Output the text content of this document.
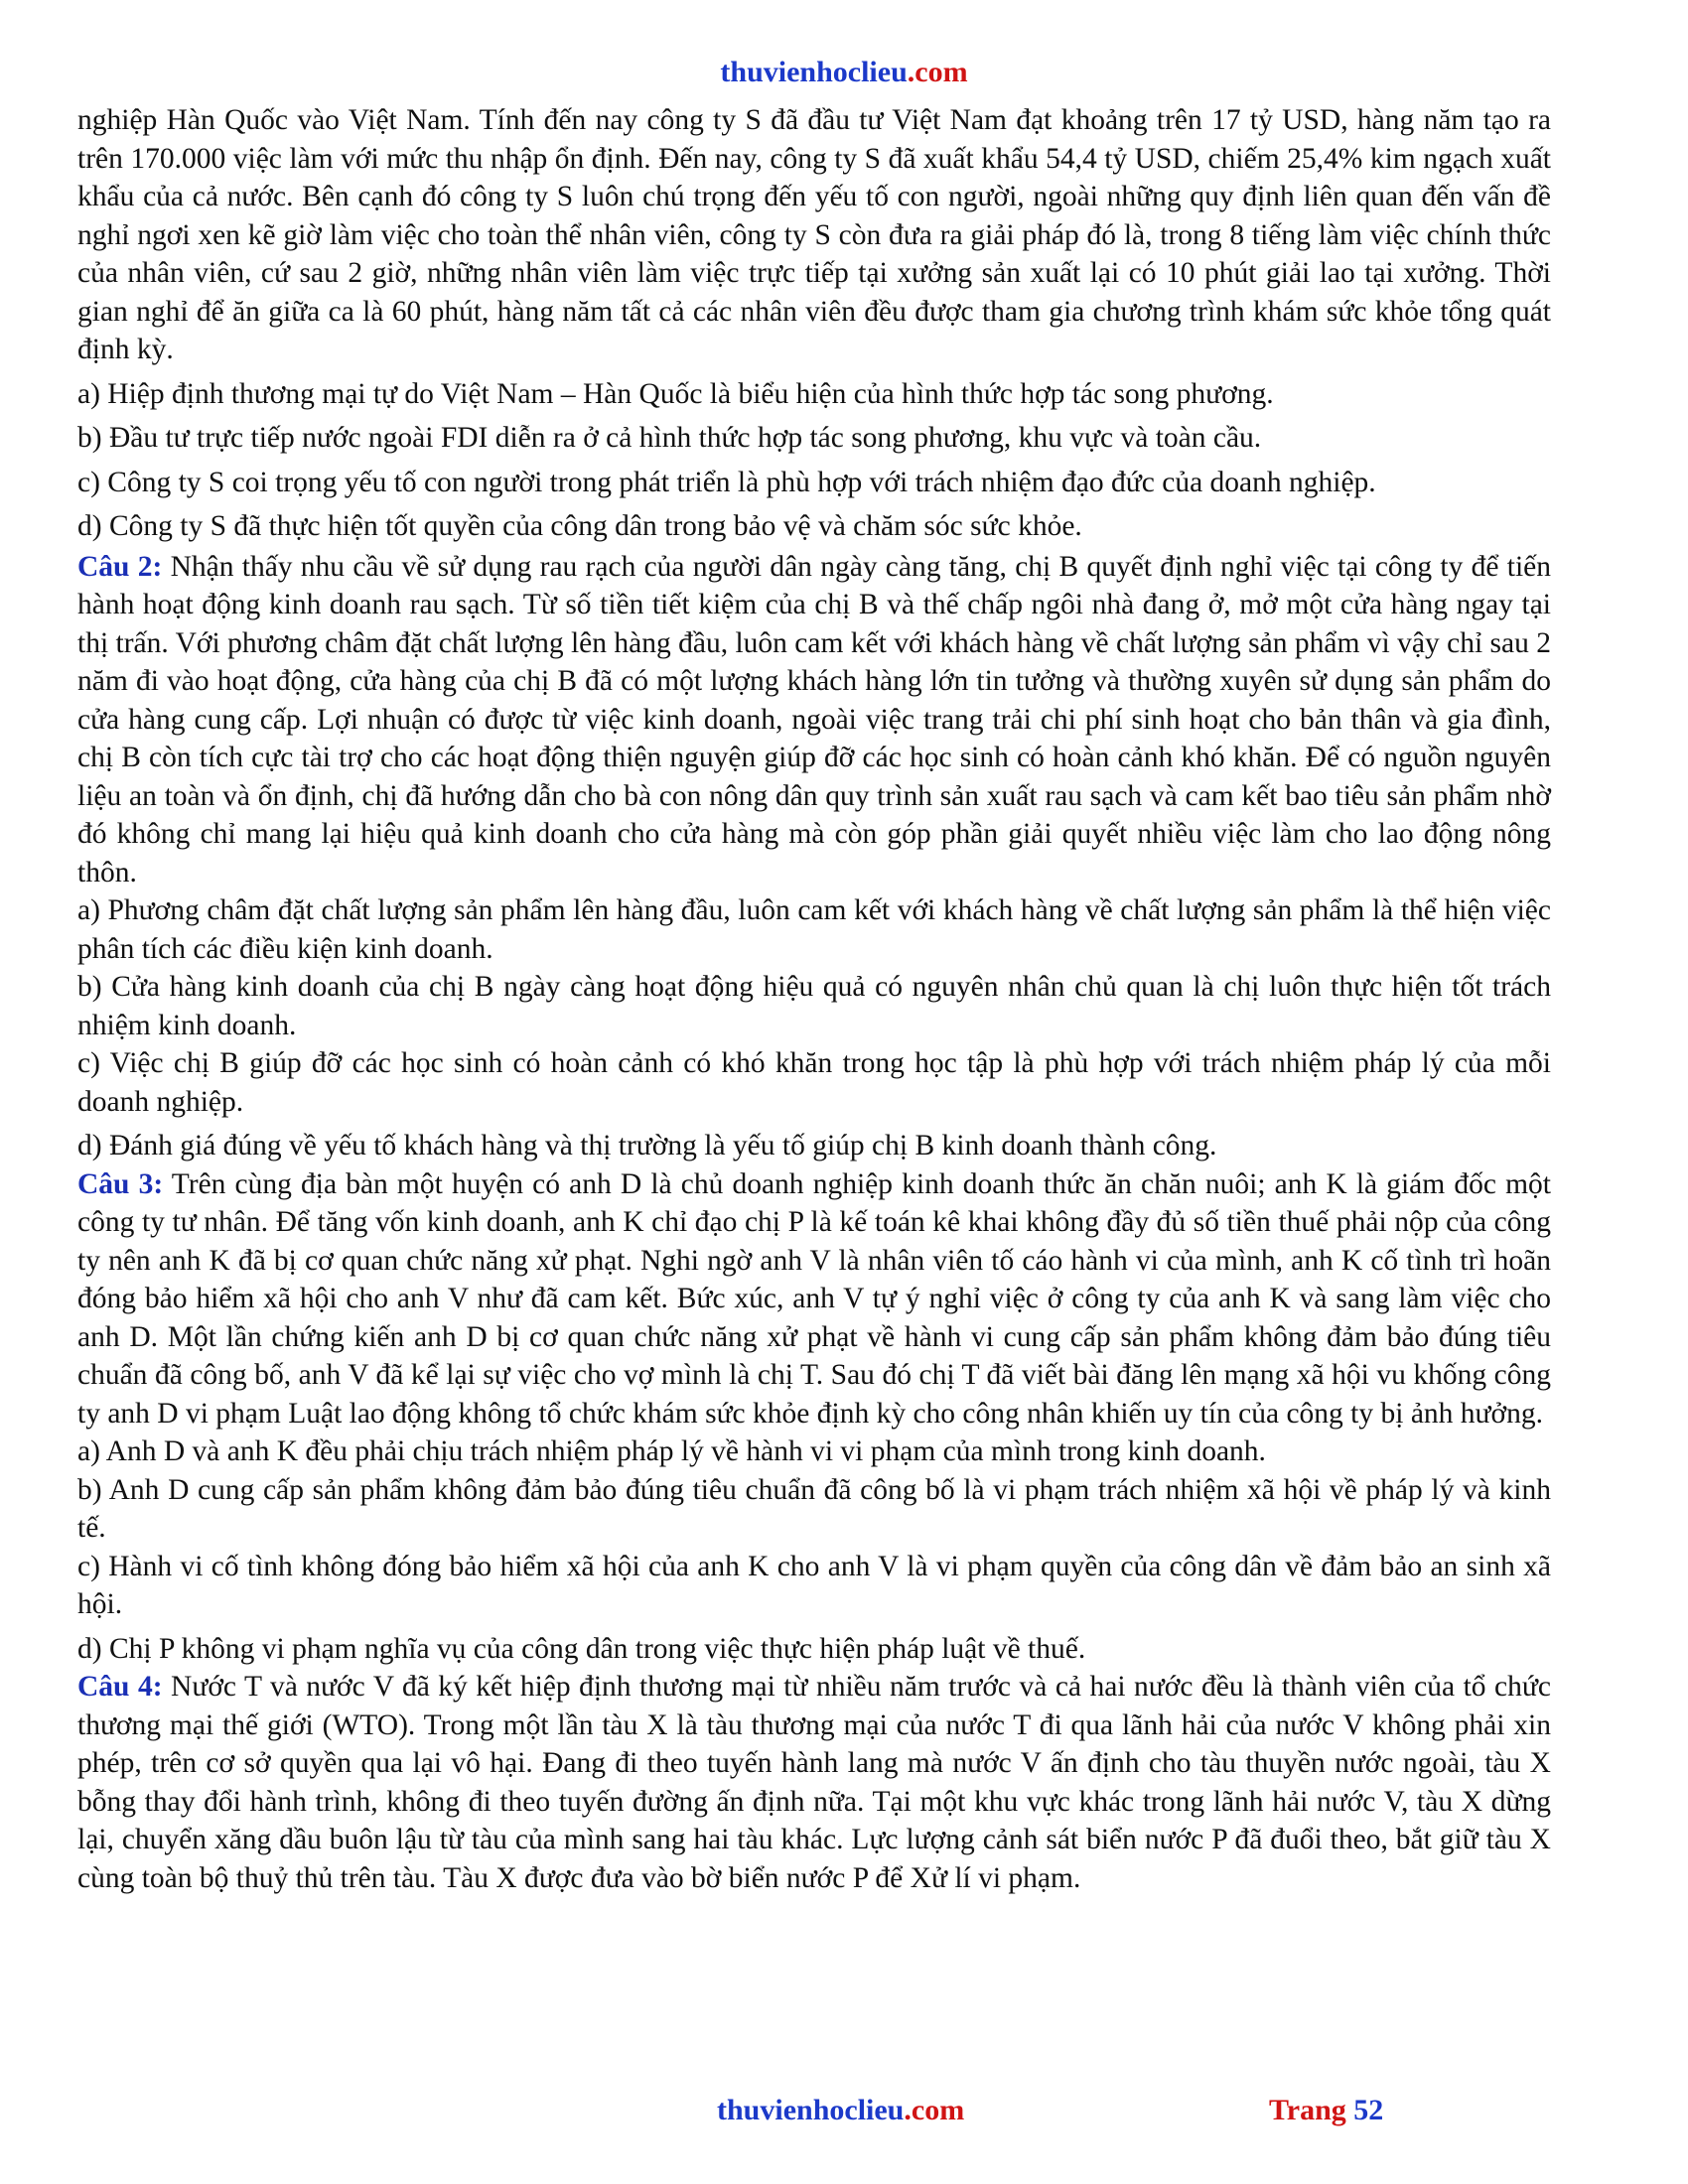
thuvienhoclieu.com

nghiệp Hàn Quốc vào Việt Nam. Tính đến nay công ty S đã đầu tư Việt Nam đạt khoảng trên 17 tỷ USD, hàng năm tạo ra trên 170.000 việc làm với mức thu nhập ổn định. Đến nay, công ty S đã xuất khẩu 54,4 tỷ USD, chiếm 25,4% kim ngạch xuất khẩu của cả nước. Bên cạnh đó công ty S luôn chú trọng đến yếu tố con người, ngoài những quy định liên quan đến vấn đề nghỉ ngơi xen kẽ giờ làm việc cho toàn thể nhân viên, công ty S còn đưa ra giải pháp đó là, trong 8 tiếng làm việc chính thức của nhân viên, cứ sau 2 giờ, những nhân viên làm việc trực tiếp tại xưởng sản xuất lại có 10 phút giải lao tại xưởng. Thời gian nghỉ để ăn giữa ca là 60 phút, hàng năm tất cả các nhân viên đều được tham gia chương trình khám sức khỏe tổng quát định kỳ.

a) Hiệp định thương mại tự do Việt Nam – Hàn Quốc là biểu hiện của hình thức hợp tác song phương.

b) Đầu tư trực tiếp nước ngoài FDI diễn ra ở cả hình thức hợp tác song phương, khu vực và toàn cầu.

c) Công ty S coi trọng yếu tố con người trong phát triển là phù hợp với trách nhiệm đạo đức của doanh nghiệp.

d) Công ty S đã thực hiện tốt quyền của công dân trong bảo vệ và chăm sóc sức khỏe.

Câu 2: Nhận thấy nhu cầu về sử dụng rau rạch của người dân ngày càng tăng, chị B quyết định nghỉ việc tại công ty để tiến hành hoạt động kinh doanh rau sạch. Từ số tiền tiết kiệm của chị B và thế chấp ngôi nhà đang ở, mở một cửa hàng ngay tại thị trấn. Với phương châm đặt chất lượng lên hàng đầu, luôn cam kết với khách hàng về chất lượng sản phẩm vì vậy chỉ sau 2 năm đi vào hoạt động, cửa hàng của chị B đã có một lượng khách hàng lớn tin tưởng và thường xuyên sử dụng sản phẩm do cửa hàng cung cấp. Lợi nhuận có được từ việc kinh doanh, ngoài việc trang trải chi phí sinh hoạt cho bản thân và gia đình, chị B còn tích cực tài trợ cho các hoạt động thiện nguyện giúp đỡ các học sinh có hoàn cảnh khó khăn. Để có nguồn nguyên liệu an toàn và ổn định, chị đã hướng dẫn cho bà con nông dân quy trình sản xuất rau sạch và cam kết bao tiêu sản phẩm nhờ đó không chỉ mang lại hiệu quả kinh doanh cho cửa hàng mà còn góp phần giải quyết nhiều việc làm cho lao động nông thôn.

a) Phương châm đặt chất lượng sản phẩm lên hàng đầu, luôn cam kết với khách hàng về chất lượng sản phẩm là thể hiện việc phân tích các điều kiện kinh doanh.

b) Cửa hàng kinh doanh của chị B ngày càng hoạt động hiệu quả có nguyên nhân chủ quan là chị luôn thực hiện tốt trách nhiệm kinh doanh.

c) Việc chị B giúp đỡ các học sinh có hoàn cảnh có khó khăn trong học tập là phù hợp với trách nhiệm pháp lý của mỗi doanh nghiệp.

d) Đánh giá đúng về yếu tố khách hàng và thị trường là yếu tố giúp chị B kinh doanh thành công.

Câu 3: Trên cùng địa bàn một huyện có anh D là chủ doanh nghiệp kinh doanh thức ăn chăn nuôi; anh K là giám đốc một công ty tư nhân. Để tăng vốn kinh doanh, anh K chỉ đạo chị P là kế toán kê khai không đầy đủ số tiền thuế phải nộp của công ty nên anh K đã bị cơ quan chức năng xử phạt. Nghi ngờ anh V là nhân viên tố cáo hành vi của mình, anh K cố tình trì hoãn đóng bảo hiểm xã hội cho anh V như đã cam kết. Bức xúc, anh V tự ý nghỉ việc ở công ty của anh K và sang làm việc cho anh D. Một lần chứng kiến anh D bị cơ quan chức năng xử phạt về hành vi cung cấp sản phẩm không đảm bảo đúng tiêu chuẩn đã công bố, anh V đã kể lại sự việc cho vợ mình là chị T. Sau đó chị T đã viết bài đăng lên mạng xã hội vu khống công ty anh D vi phạm Luật lao động không tổ chức khám sức khỏe định kỳ cho công nhân khiến uy tín của công ty bị ảnh hưởng.

a) Anh D và anh K đều phải chịu trách nhiệm pháp lý về hành vi vi phạm của mình trong kinh doanh.

b) Anh D cung cấp sản phẩm không đảm bảo đúng tiêu chuẩn đã công bố là vi phạm trách nhiệm xã hội về pháp lý và kinh tế.

c) Hành vi cố tình không đóng bảo hiểm xã hội của anh K cho anh V là vi phạm quyền của công dân về đảm bảo an sinh xã hội.

d) Chị P không vi phạm nghĩa vụ của công dân trong việc thực hiện pháp luật về thuế.

Câu 4: Nước T và nước V đã ký kết hiệp định thương mại từ nhiều năm trước và cả hai nước đều là thành viên của tổ chức thương mại thế giới (WTO). Trong một lần tàu X là tàu thương mại của nước T đi qua lãnh hải của nước V không phải xin phép, trên cơ sở quyền qua lại vô hại. Đang đi theo tuyến hành lang mà nước V ấn định cho tàu thuyền nước ngoài, tàu X bỗng thay đổi hành trình, không đi theo tuyến đường ấn định nữa. Tại một khu vực khác trong lãnh hải nước V, tàu X dừng lại, chuyển xăng dầu buôn lậu từ tàu của mình sang hai tàu khác. Lực lượng cảnh sát biển nước P đã đuổi theo, bắt giữ tàu X cùng toàn bộ thuỷ thủ trên tàu. Tàu X được đưa vào bờ biển nước P để Xử lí vi phạm.

thuvienhoclieu.com	Trang 52
